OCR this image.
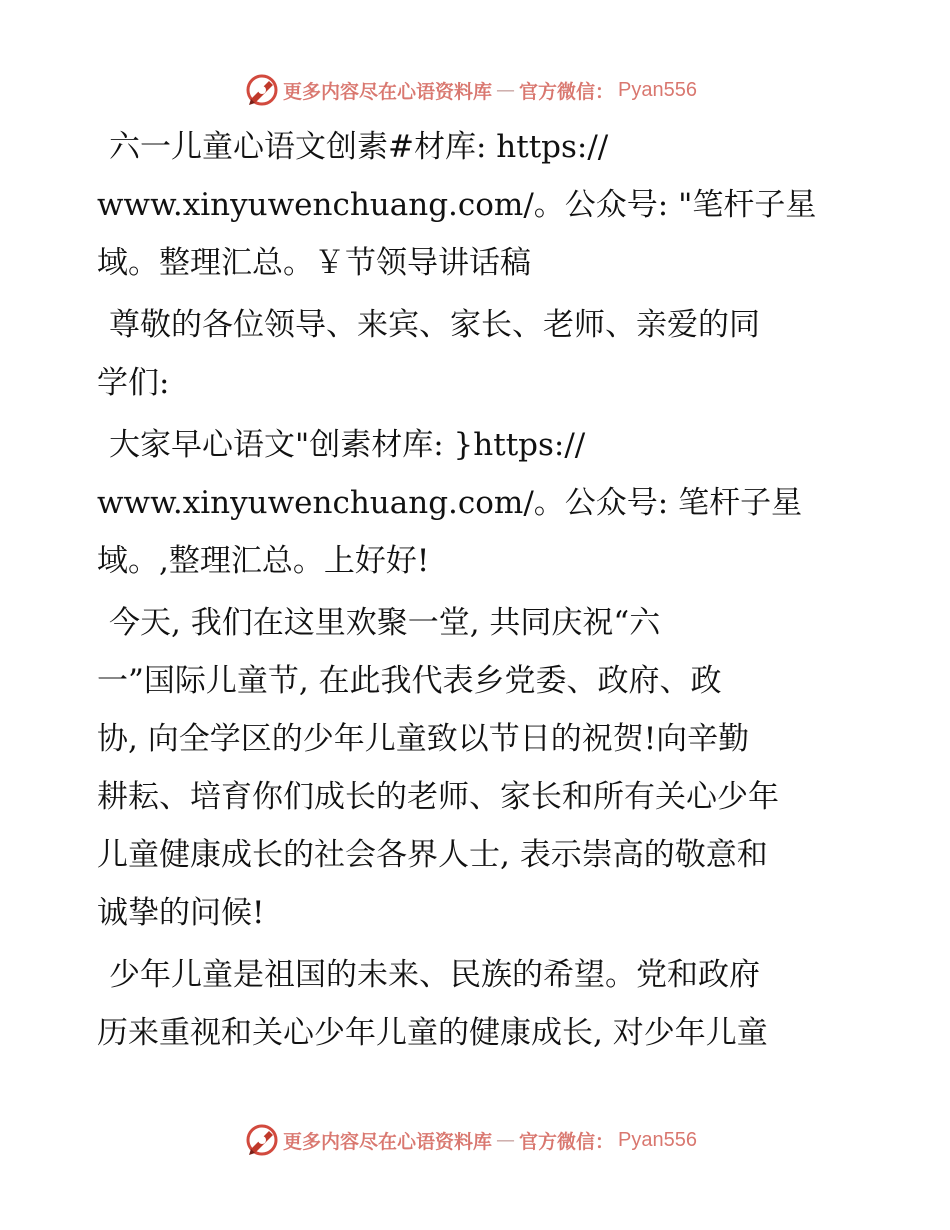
更多内容尽在心语资料库 — 官方微信： Pyan556
六一儿童心语文创素#材库: https://
www.xinyuwenchuang.com/。公众号: "笔杆子星
域。整理汇总。￥节领导讲话稿
尊敬的各位领导、来宾、家长、老师、亲爱的同
学们:
大家早心语文"创素材库: }https://
www.xinyuwenchuang.com/。公众号: 笔杆子星
域。,整理汇总。上好好!
今天, 我们在这里欢聚一堂, 共同庆祝“六
一”国际儿童节, 在此我代表乡党委、政府、政
协, 向全学区的少年儿童致以节日的祝贺!向辛勤
耕耘、培育你们成长的老师、家长和所有关心少年
儿童健康成长的社会各界人士, 表示崇高的敬意和
诚挚的问候!
少年儿童是祖国的未来、民族的希望。党和政府
历来重视和关心少年儿童的健康成长, 对少年儿童
更多内容尽在心语资料库 — 官方微信： Pyan556
